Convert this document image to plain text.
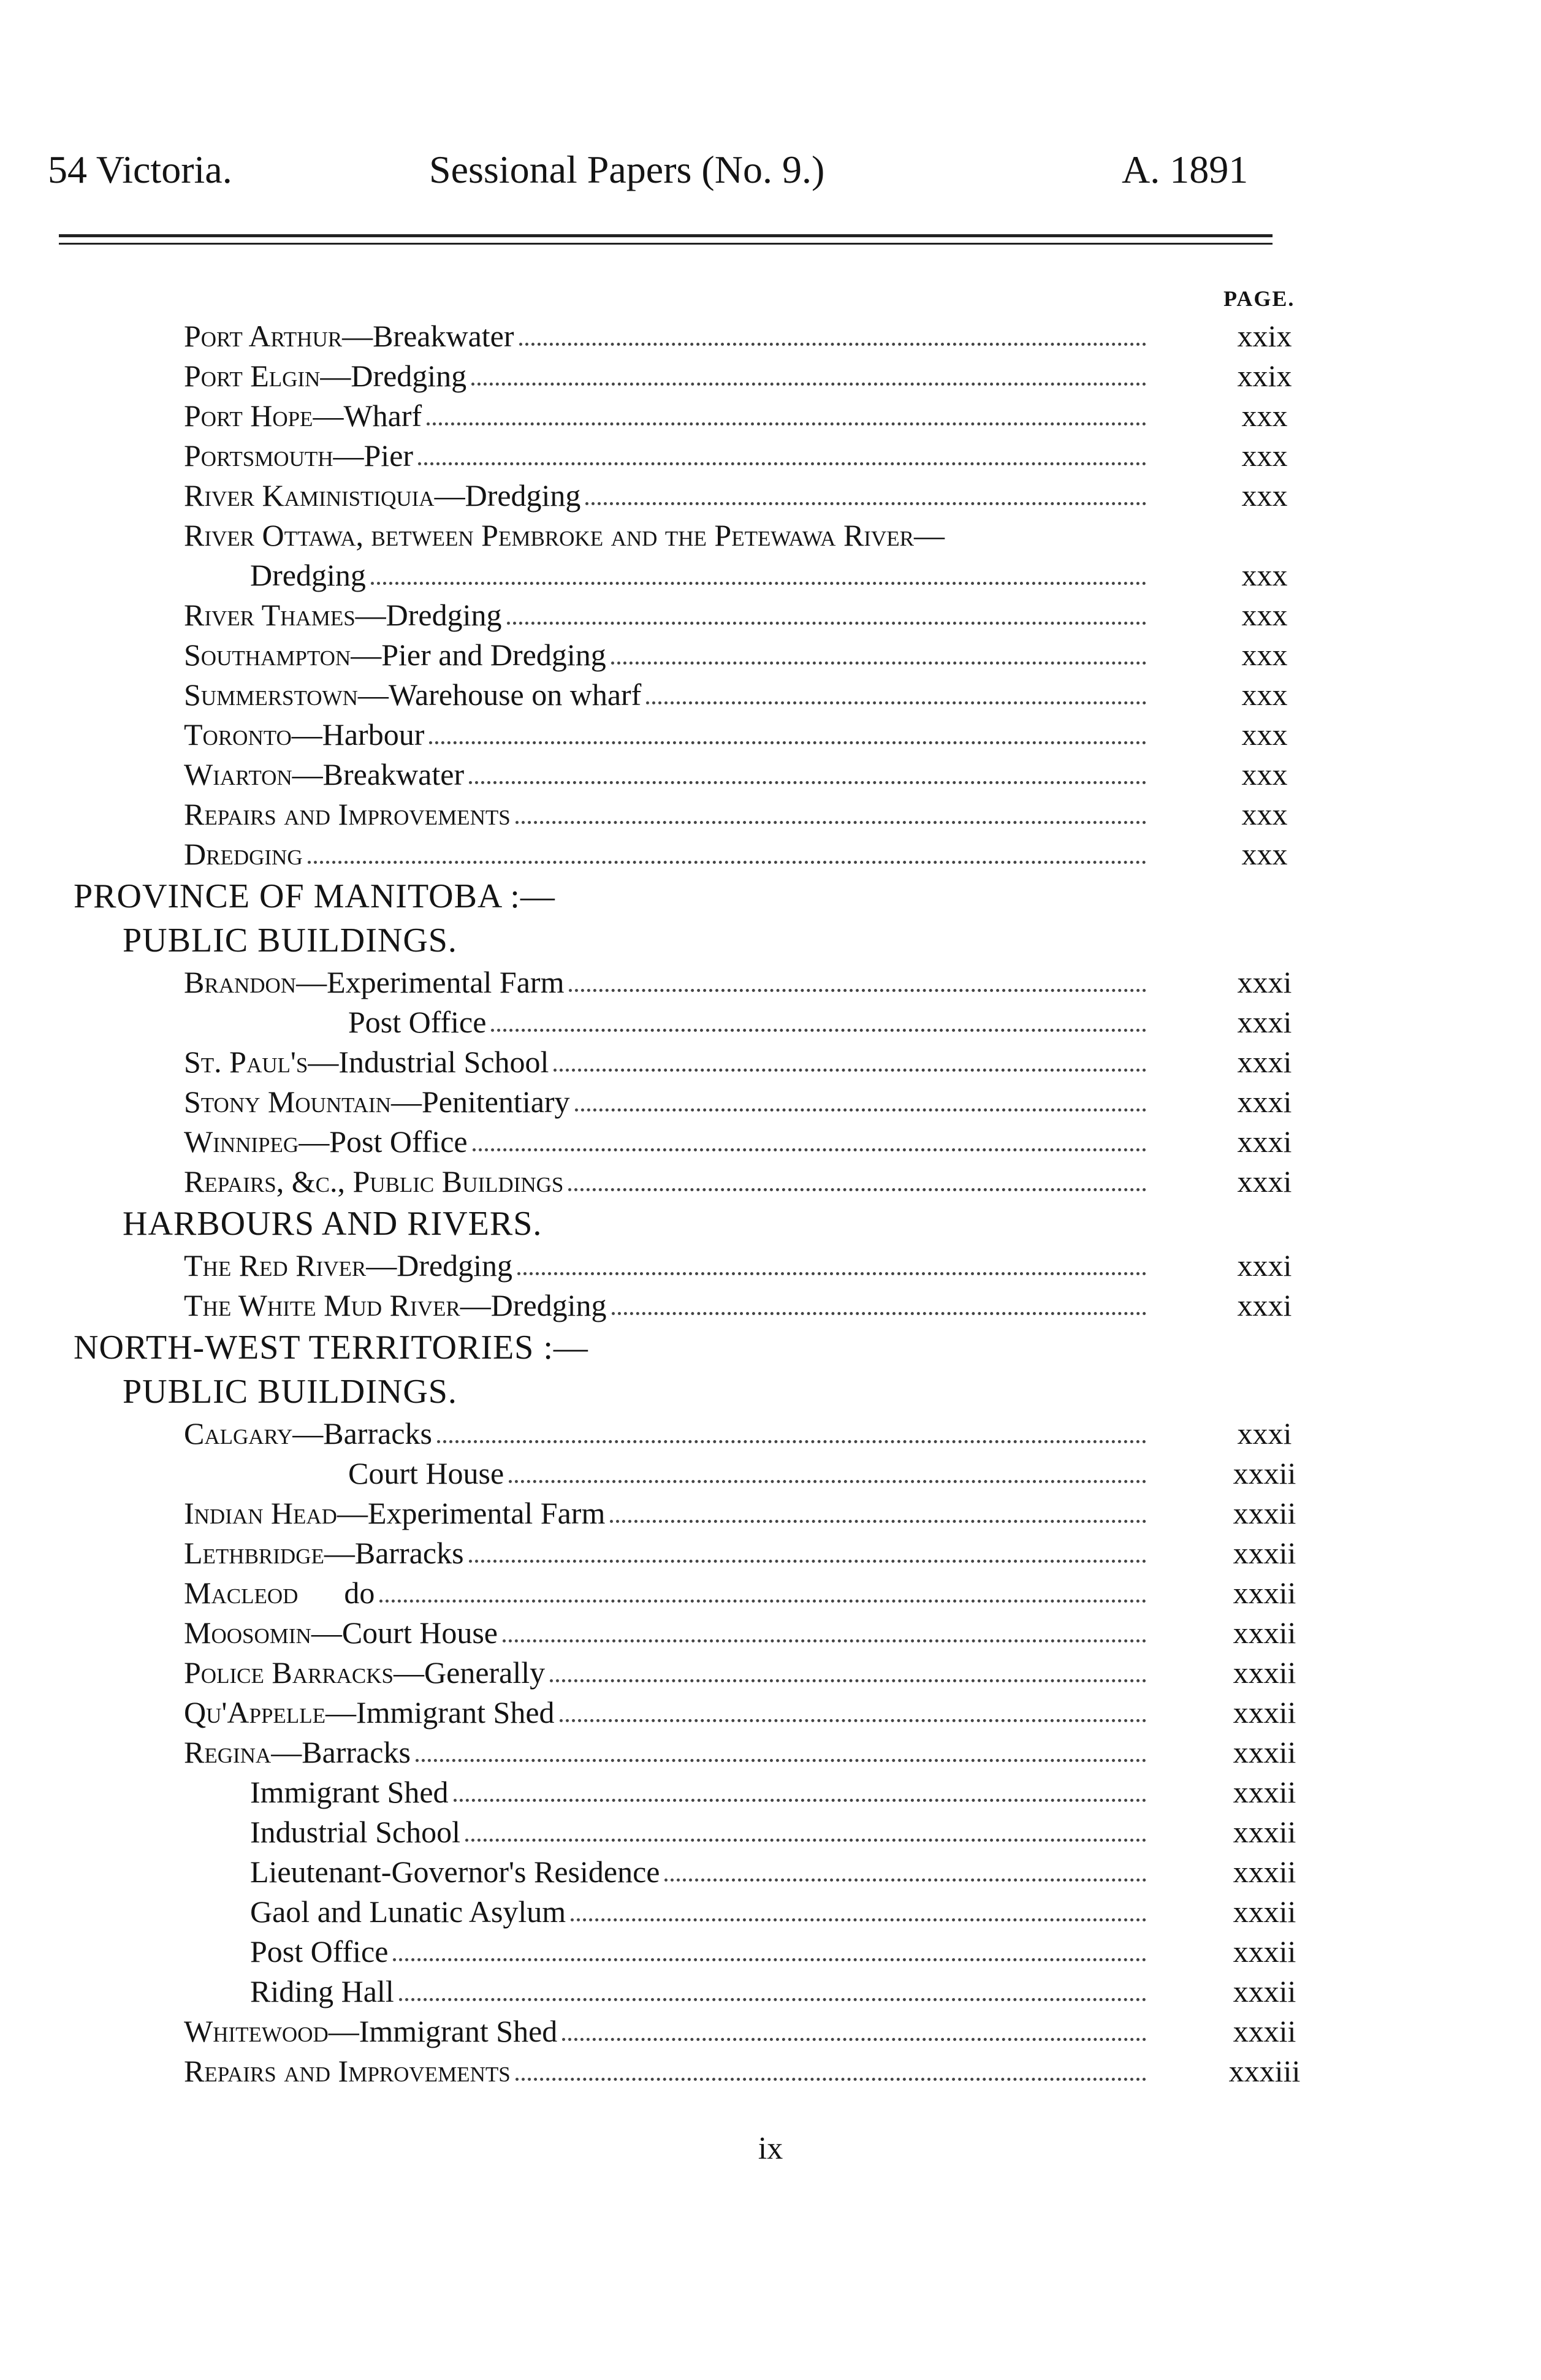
54 Victoria.	Sessional Papers (No. 9.)	A. 1891
PAGE.
xxix
Port Arthur—Breakwater
xxix
Port Elgin—Dredging
xxx
Port Hope—Wharf
xxx
Portsmouth—Pier
xxx
River Kaministiquia—Dredging
River Ottawa, between Pembroke and the Petewawa River—
xxx
Dredging
xxx
River Thames—Dredging
xxx
Southampton—Pier and Dredging
xxx
Summerstown—Warehouse on wharf
xxx
Toronto—Harbour
xxx
Wiarton—Breakwater
xxx
Repairs and Improvements
xxx
Dredging
PROVINCE OF MANITOBA :—
PUBLIC BUILDINGS.
xxxi
Brandon—Experimental Farm
xxxi
Post Office
xxxi
St. Paul's—Industrial School
xxxi
Stony Mountain—Penitentiary
xxxi
Winnipeg—Post Office
xxxi
Repairs, &c., Public Buildings
HARBOURS AND RIVERS.
xxxi
The Red River—Dredging
xxxi
The White Mud River—Dredging
NORTH-WEST TERRITORIES :—
PUBLIC BUILDINGS.
xxxi
Calgary—Barracks
xxxii
Court House
xxxii
Indian Head—Experimental Farm
xxxii
Lethbridge—Barracks
xxxii
Macleod      do
xxxii
Moosomin—Court House
xxxii
Police Barracks—Generally
xxxii
Qu'Appelle—Immigrant Shed
xxxii
Regina—Barracks
xxxii
Immigrant Shed
xxxii
Industrial School
xxxii
Lieutenant-Governor's Residence
xxxii
Gaol and Lunatic Asylum
xxxii
Post Office
xxxii
Riding Hall
xxxii
Whitewood—Immigrant Shed
xxxiii
Repairs and Improvements
ix
